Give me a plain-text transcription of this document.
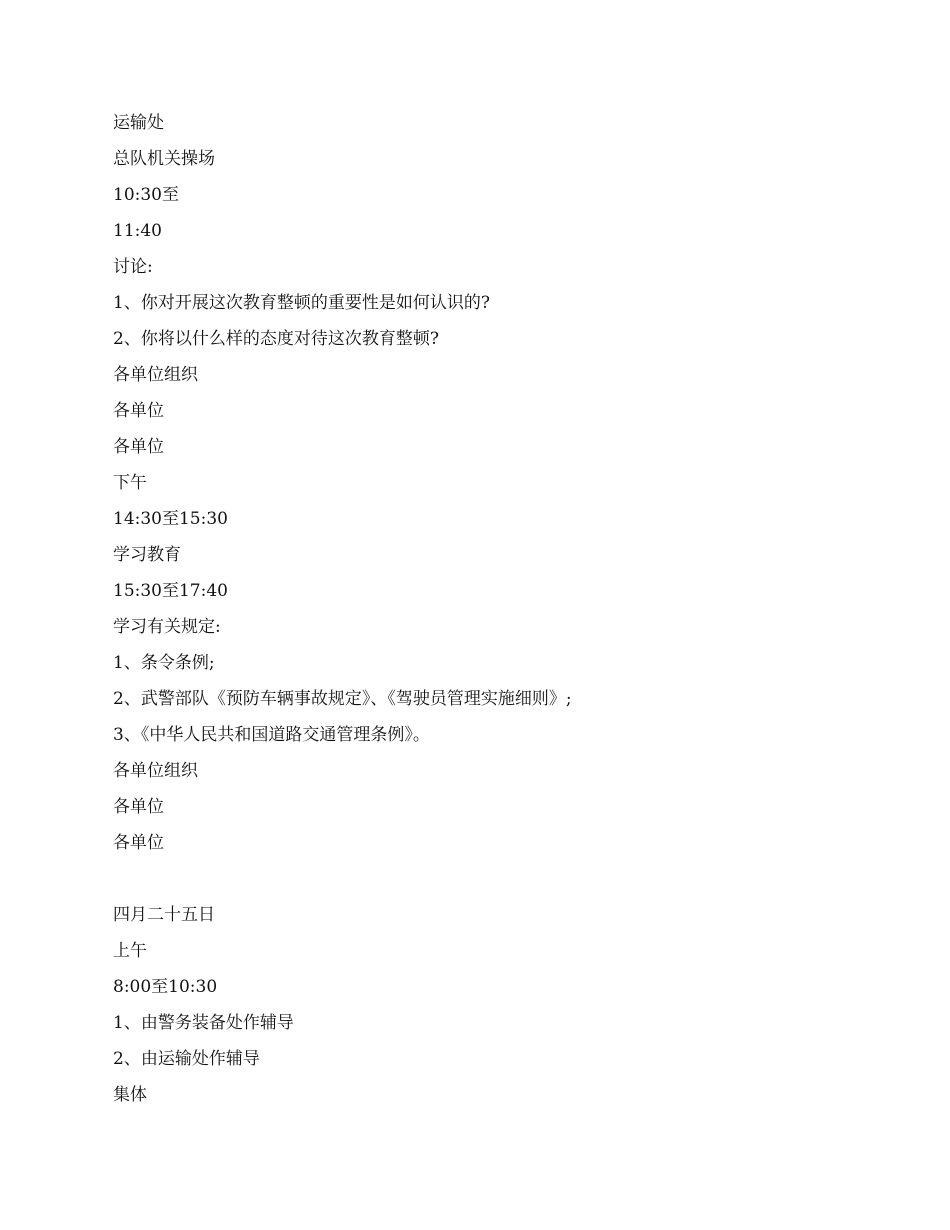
运输处
总队机关操场
10:30至
11:40
讨论:
1、你对开展这次教育整顿的重要性是如何认识的?
2、你将以什么样的态度对待这次教育整顿?
各单位组织
各单位
各单位
下午
14:30至15:30
学习教育
15:30至17:40
学习有关规定:
1、条令条例;
2、武警部队《预防车辆事故规定》、《驾驶员管理实施细则》;
3、《中华人民共和国道路交通管理条例》。
各单位组织
各单位
各单位
四月二十五日
上午
8:00至10:30
1、由警务装备处作辅导
2、由运输处作辅导
集体
